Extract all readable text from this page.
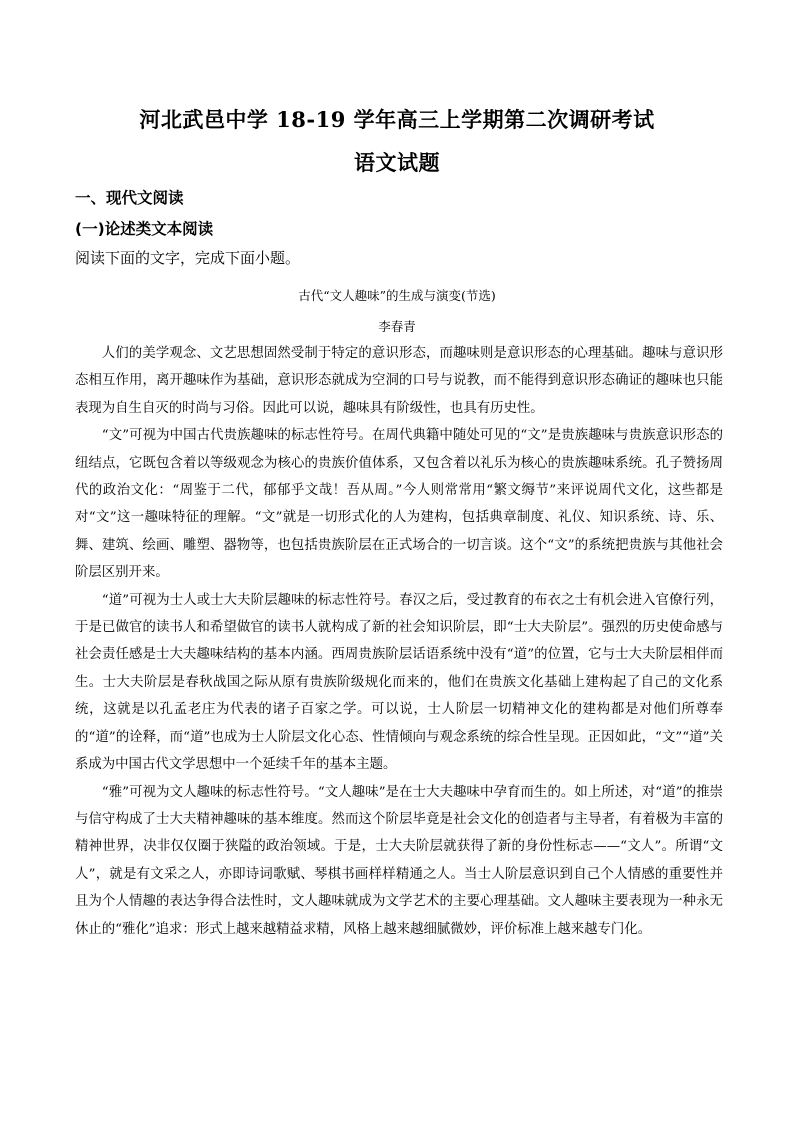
河北武邑中学 18-19 学年高三上学期第二次调研考试
语文试题
一、现代文阅读
(一)论述类文本阅读
阅读下面的文字，完成下面小题。
古代“文人趣味”的生成与演变(节选)
李春青

人们的美学观念、文艺思想固然受制于特定的意识形态，而趣味则是意识形态的心理基础。趣味与意识形态相互作用，离开趣味作为基础，意识形态就成为空洞的口号与说教，而不能得到意识形态确证的趣味也只能表现为自生自灭的时尚与习俗。因此可以说，趣味具有阶级性，也具有历史性。

“文”可视为中国古代贵族趣味的标志性符号。在周代典籍中随处可见的“文”是贵族趣味与贵族意识形态的纽结点，它既包含着以等级观念为核心的贵族价值体系，又包含着以礼乐为核心的贵族趣味系统。孔子赞扬周代的政治文化：“周鉴于二代，郁郁乎文哉！吾从周。”今人则常常用“繁文缛节”来评说周代文化，这些都是对“文”这一趣味特征的理解。“文”就是一切形式化的人为建构，包括典章制度、礼仪、知识系统、诗、乐、舞、建筑、绘画、雕塑、器物等，也包括贵族阶层在正式场合的一切言谈。这个“文”的系统把贵族与其他社会阶层区别开来。

“道”可视为士人或士大夫阶层趣味的标志性符号。春汉之后，受过教育的布衣之士有机会进入官僚行列，于是已做官的读书人和希望做官的读书人就构成了新的社会知识阶层，即“士大夫阶层”。强烈的历史使命感与社会责任感是士大夫趣味结构的基本内涵。西周贵族阶层话语系统中没有“道”的位置，它与士大夫阶层相伴而生。士大夫阶层是春秋战国之际从原有贵族阶级规化而来的，他们在贵族文化基础上建构起了自己的文化系统，这就是以孔孟老庄为代表的诸子百家之学。可以说，士人阶层一切精神文化的建构都是对他们所尊奉的“道”的诠释，而“道”也成为士人阶层文化心态、性情倾向与观念系统的综合性呈现。正因如此，“文”“道”关系成为中国古代文学思想中一个延续千年的基本主题。

“雅”可视为文人趣味的标志性符号。“文人趣味”是在士大夫趣味中孕育而生的。如上所述，对“道”的推崇与信守构成了士大夫精神趣味的基本维度。然而这个阶层毕竟是社会文化的创造者与主导者，有着极为丰富的精神世界，决非仅仅圈于狭隘的政治领域。于是，士大夫阶层就获得了新的身份性标志——“文人”。所谓“文人”，就是有文采之人，亦即诗词歌赋、琴棋书画样样精通之人。当士人阶层意识到自己个人情感的重要性并且为个人情趣的表达争得合法性时，文人趣味就成为文学艺术的主要心理基础。文人趣味主要表现为一种永无休止的“雅化”追求：形式上越来越精益求精，风格上越来越细腻微妙，评价标准上越来越专门化。
